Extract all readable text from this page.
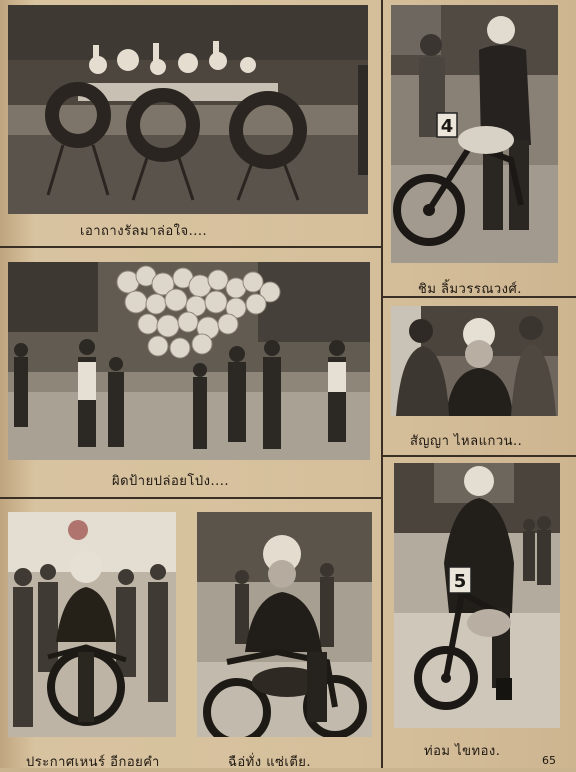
เอาถางรัลมาล่อใจ....
4
ชิม ลิ้มวรรณวงศ์.
ผิดป้ายปล่อยโป่ง....
สัญญา ไหลแกวน..
ประกาศเหนร์ อีกอยคำ	ฉือ่ทั่ง แซ่เตีย.
5
ท่อม ไขทอง.
65
